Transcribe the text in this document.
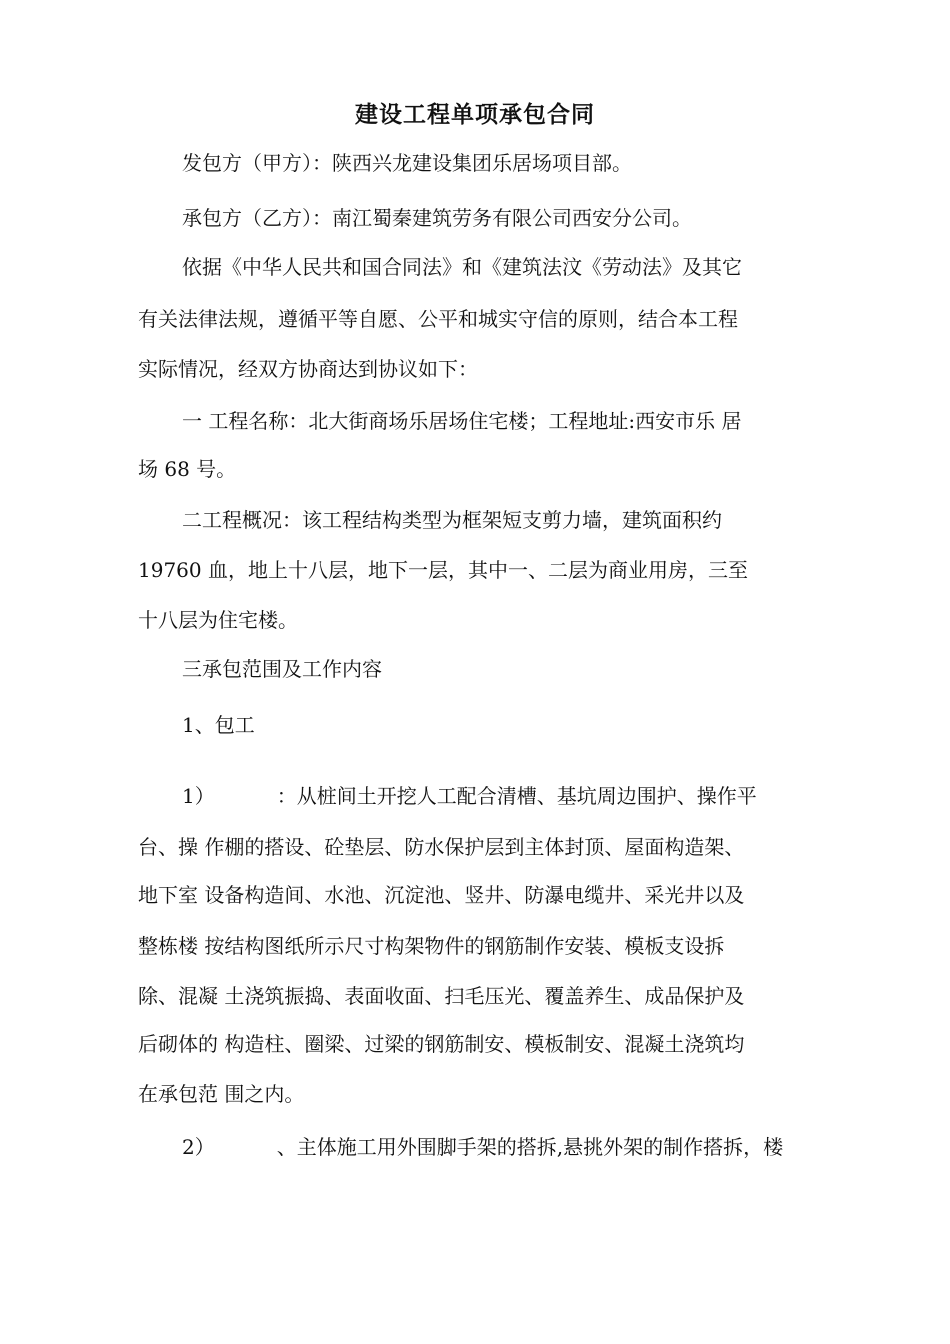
建设工程单项承包合同
发包方（甲方）：陕西兴龙建设集团乐居场项目部。
承包方（乙方）：南江蜀秦建筑劳务有限公司西安分公司。
依据《中华人民共和国合同法》和《建筑法汶《劳动法》及其它
有关法律法规，遵循平等自愿、公平和城实守信的原则，结合本工程
实际情况，经双方协商达到协议如下：
一 工程名称：北大街商场乐居场住宅楼；工程地址:西安市乐 居
场 68 号。
二工程概况：该工程结构类型为框架短支剪力墙，建筑面积约
19760 血，地上十八层，地下一层，其中一、二层为商业用房，三至
十八层为住宅楼。
三承包范围及工作内容
1、包工
1）	：从桩间土开挖人工配合清槽、基坑周边围护、操作平
台、操 作棚的搭设、砼垫层、防水保护层到主体封顶、屋面构造架、
地下室 设备构造间、水池、沉淀池、竖井、防瀑电缆井、采光井以及
整栋楼 按结构图纸所示尺寸构架物件的钢筋制作安装、模板支设拆
除、混凝 土浇筑振捣、表面收面、扫毛压光、覆盖养生、成品保护及
后砌体的 构造柱、圈梁、过梁的钢筋制安、模板制安、混凝土浇筑均
在承包范 围之内。
2）	、主体施工用外围脚手架的搭拆,悬挑外架的制作搭拆，楼
